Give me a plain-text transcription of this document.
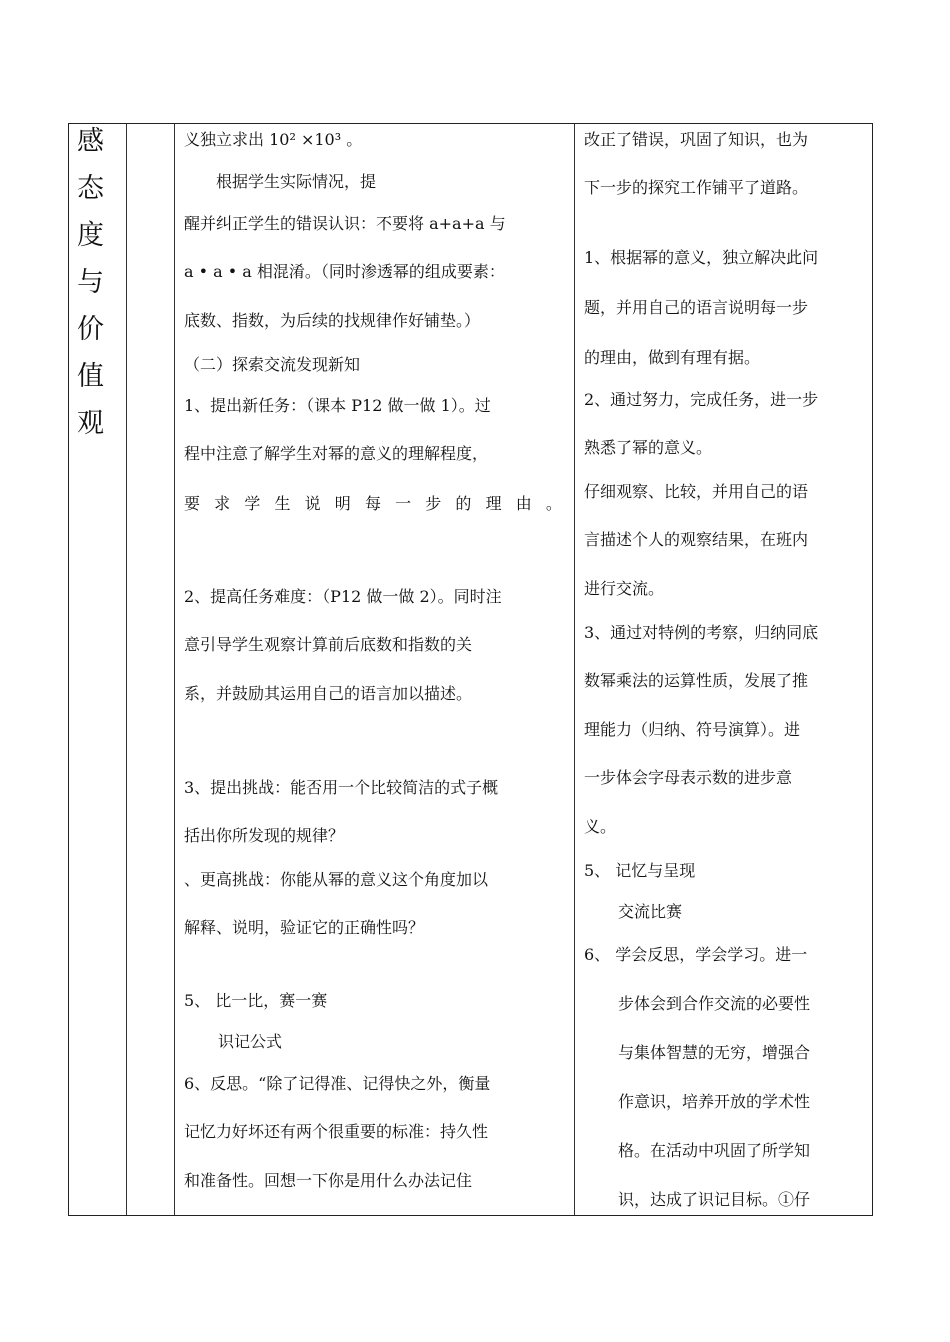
感
态
度
与
价
值
观
义独立求出 10² ×10³ 。
根据学生实际情况，提
醒并纠正学生的错误认识：不要将 a+a+a 与
a • a • a 相混淆。（同时渗透幂的组成要素：
底数、指数，为后续的找规律作好铺垫。）
（二）探索交流发现新知
1、提出新任务：（课本 P12 做一做 1）。过
程中注意了解学生对幂的意义的理解程度，
要 求 学 生 说 明 每 一 步 的 理 由 。
2、提高任务难度：（P12 做一做 2）。同时注
意引导学生观察计算前后底数和指数的关
系，并鼓励其运用自己的语言加以描述。
3、提出挑战：能否用一个比较简洁的式子概
括出你所发现的规律？
、更高挑战：你能从幂的意义这个角度加以
解释、说明，验证它的正确性吗？
5、 比一比，赛一赛
识记公式
6、反思。“除了记得准、记得快之外，衡量
记忆力好坏还有两个很重要的标准：持久性
和准备性。回想一下你是用什么办法记住
改正了错误，巩固了知识，也为
下一步的探究工作铺平了道路。
1、根据幂的意义，独立解决此问
题，并用自己的语言说明每一步
的理由，做到有理有据。
2、通过努力，完成任务，进一步
熟悉了幂的意义。
仔细观察、比较，并用自己的语
言描述个人的观察结果，在班内
进行交流。
3、通过对特例的考察，归纳同底
数幂乘法的运算性质，发展了推
理能力（归纳、符号演算）。进
一步体会字母表示数的进步意
义。
5、 记忆与呈现
交流比赛
6、 学会反思，学会学习。进一
步体会到合作交流的必要性
与集体智慧的无穷，增强合
作意识，培养开放的学术性
格。在活动中巩固了所学知
识，达成了识记目标。①仔
